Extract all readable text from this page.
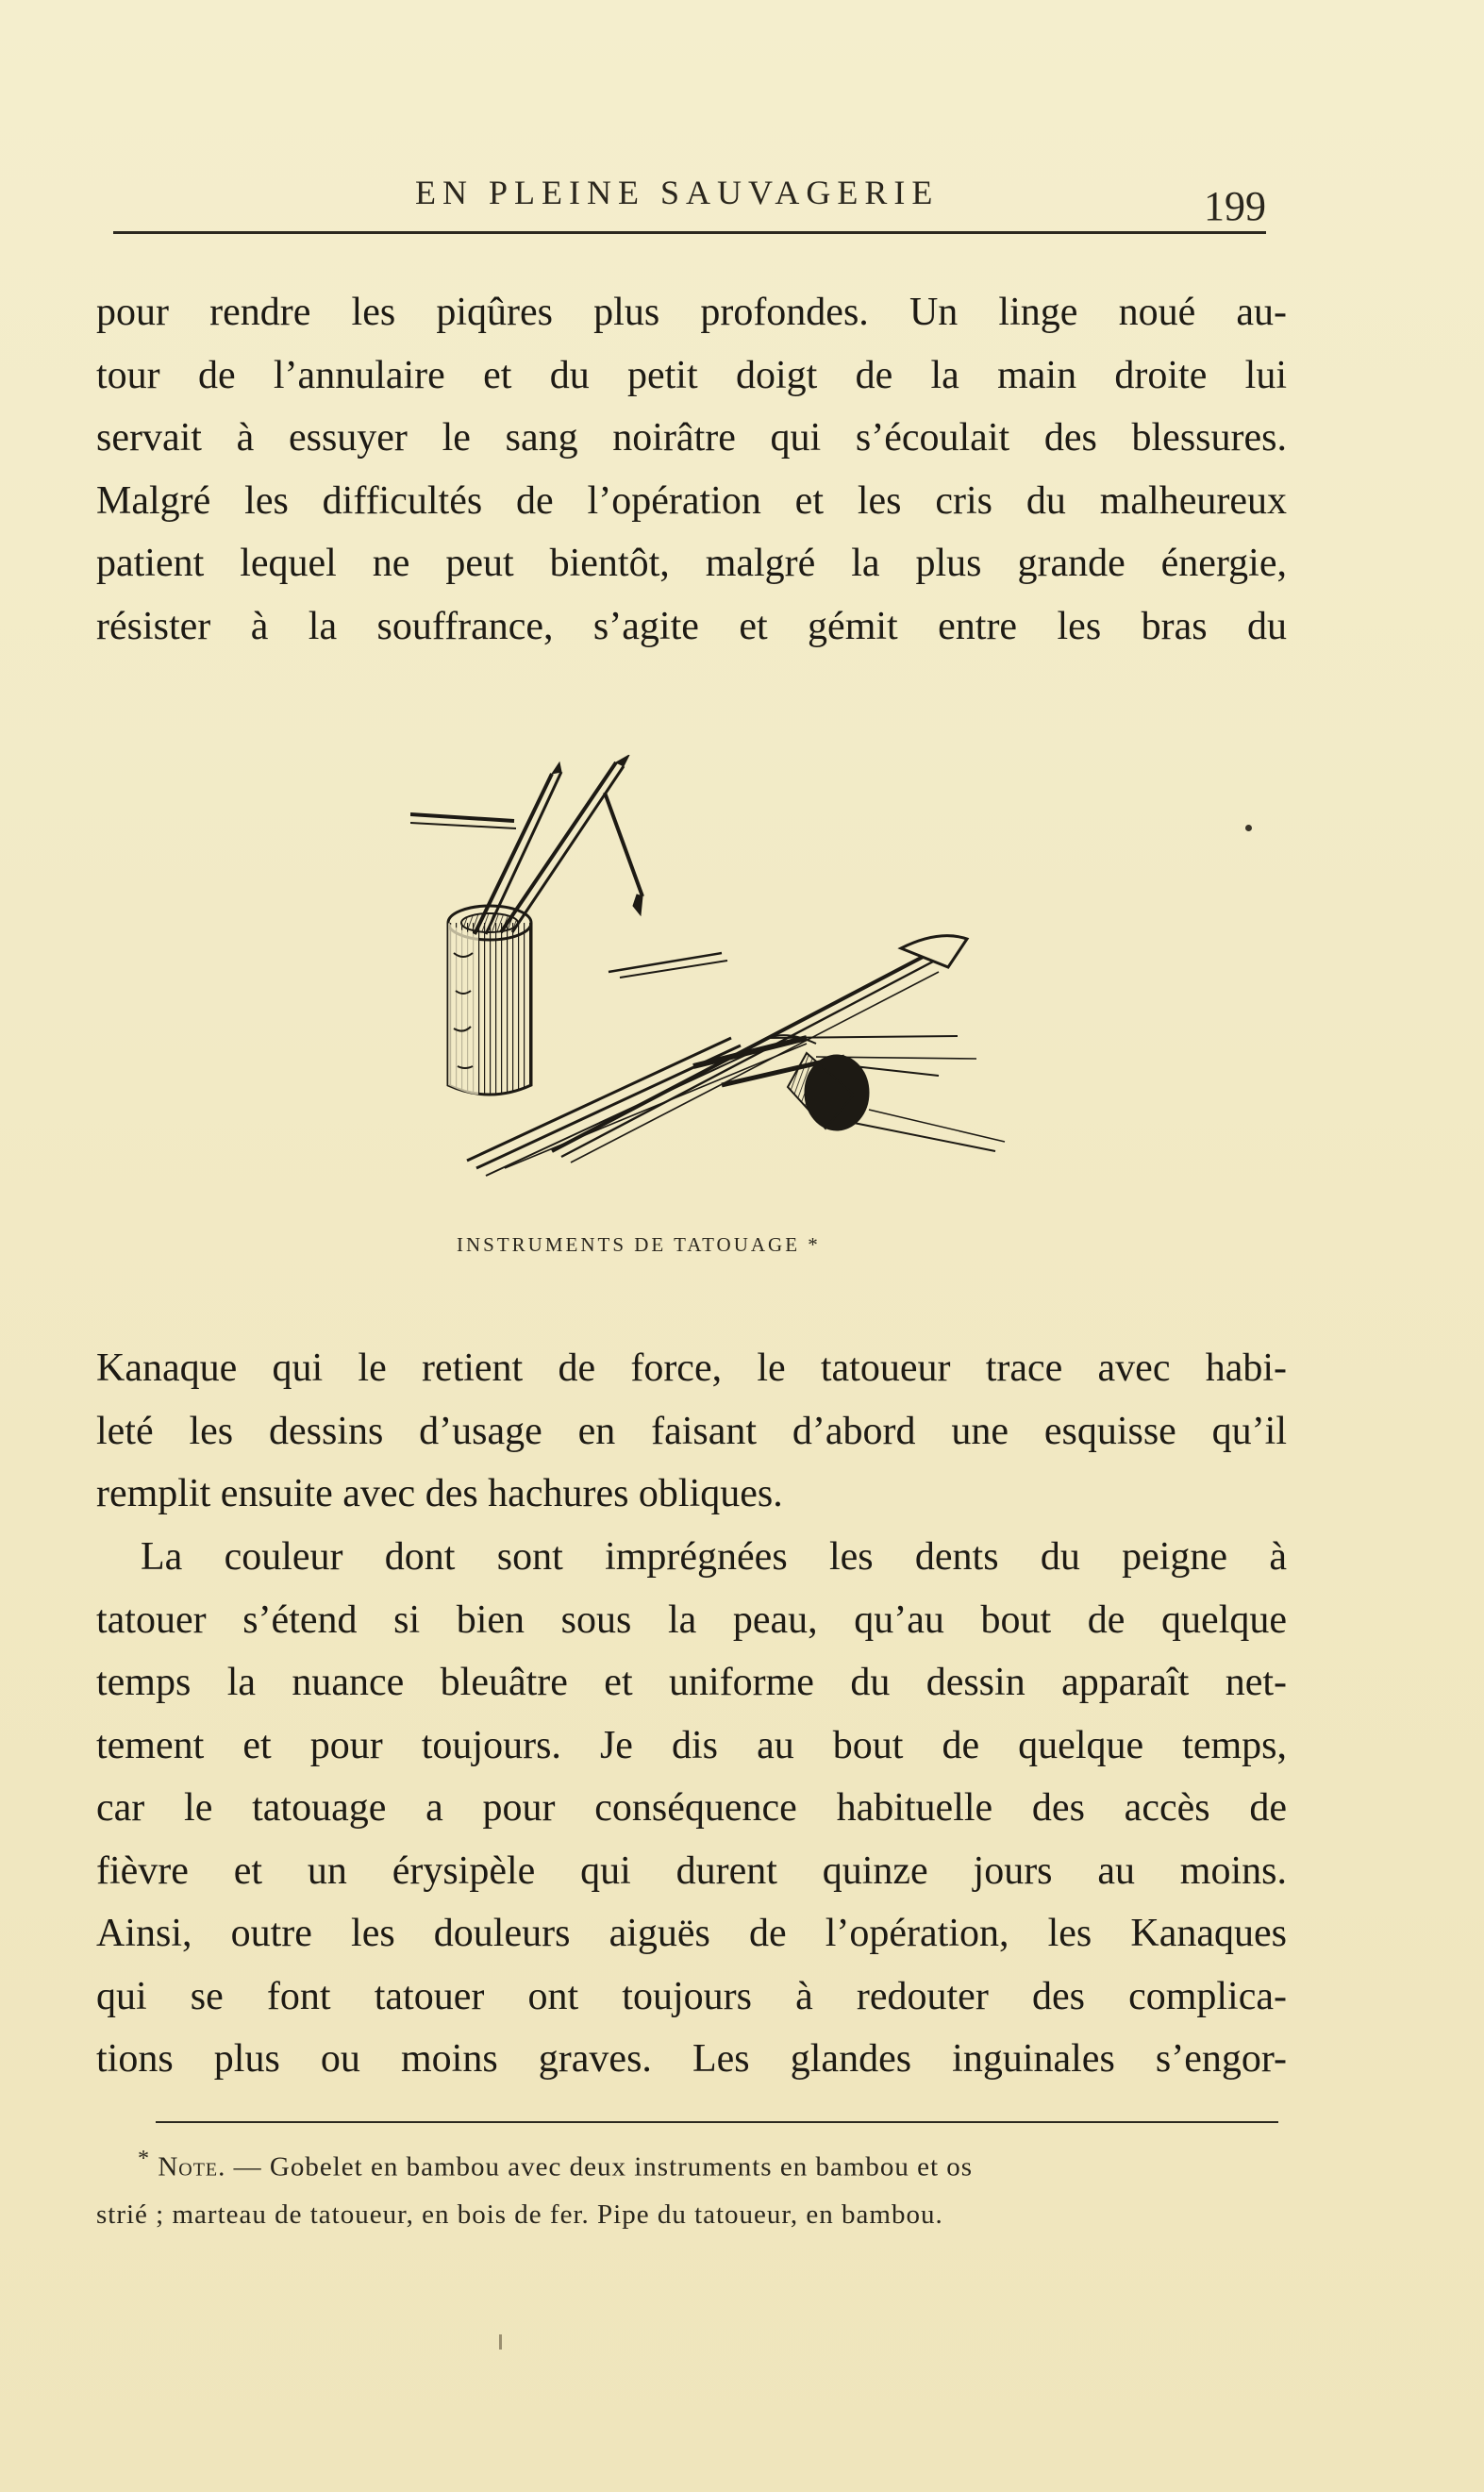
EN PLEINE SAUVAGERIE	199
pour rendre les piqûres plus profondes. Un linge noué au-
tour de l’annulaire et du petit doigt de la main droite lui
servait à essuyer le sang noirâtre qui s’écoulait des blessures.
Malgré les difficultés de l’opération et les cris du malheureux
patient lequel ne peut bientôt, malgré la plus grande énergie,
résister à la souffrance, s’agite et gémit entre les bras du
INSTRUMENTS DE TATOUAGE *
Kanaque qui le retient de force, le tatoueur trace avec habi-
leté les dessins d’usage en faisant d’abord une esquisse qu’il
remplit ensuite avec des hachures obliques.
La couleur dont sont imprégnées les dents du peigne à
tatouer s’étend si bien sous la peau, qu’au bout de quelque
temps la nuance bleuâtre et uniforme du dessin apparaît net-
tement et pour toujours. Je dis au bout de quelque temps,
car le tatouage a pour conséquence habituelle des accès de
fièvre et un érysipèle qui durent quinze jours au moins.
Ainsi, outre les douleurs aiguës de l’opération, les Kanaques
qui se font tatouer ont toujours à redouter des complica-
tions plus ou moins graves. Les glandes inguinales s’engor-
* Note. — Gobelet en bambou avec deux instruments en bambou et os
strié ; marteau de tatoueur, en bois de fer. Pipe du tatoueur, en bambou.
